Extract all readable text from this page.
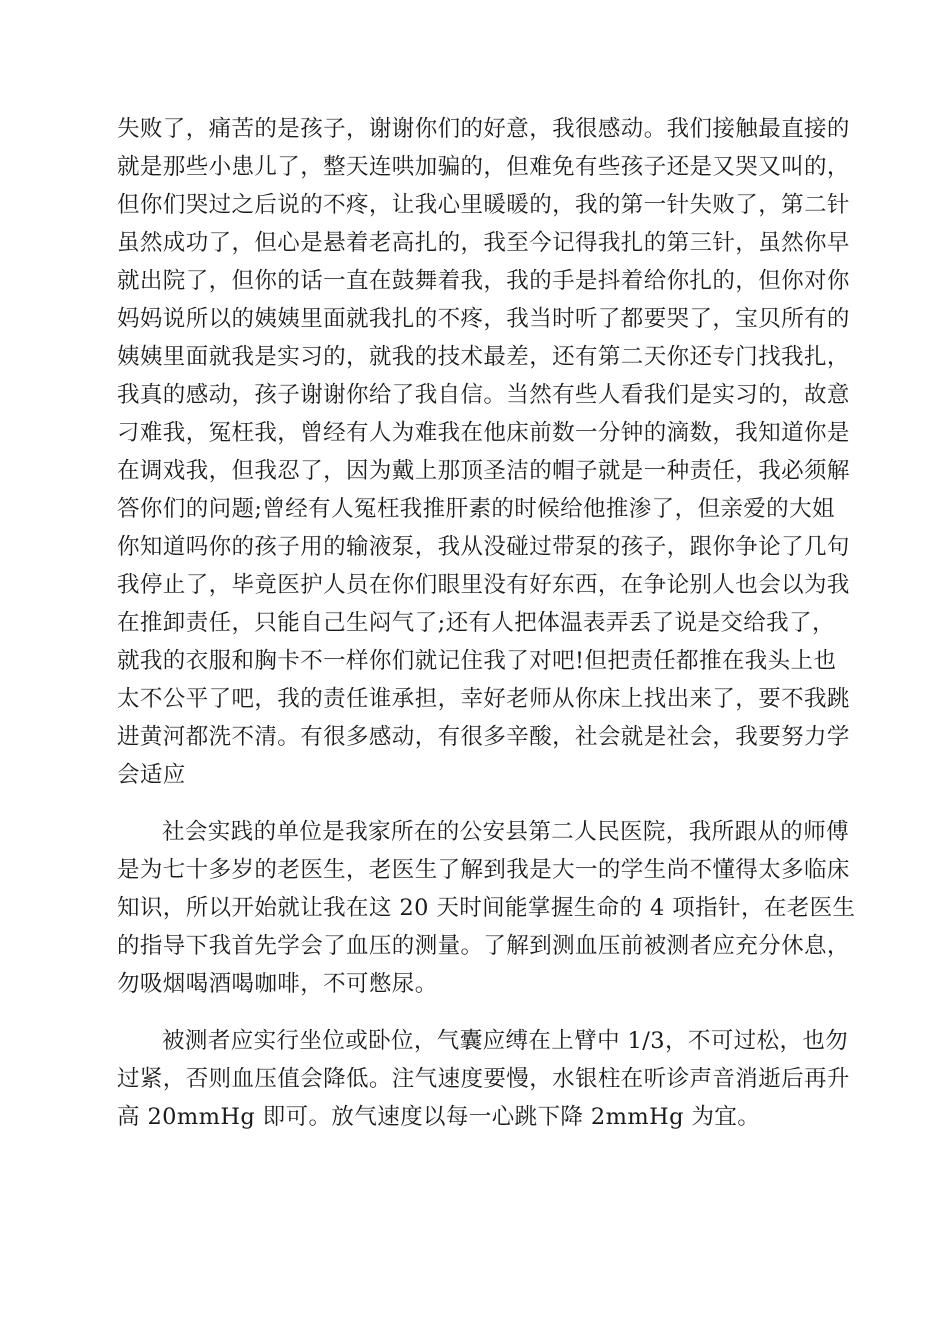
失败了，痛苦的是孩子，谢谢你们的好意，我很感动。我们接触最直接的
就是那些小患儿了，整天连哄加骗的，但难免有些孩子还是又哭又叫的，
但你们哭过之后说的不疼，让我心里暖暖的，我的第一针失败了，第二针
虽然成功了，但心是悬着老高扎的，我至今记得我扎的第三针，虽然你早
就出院了，但你的话一直在鼓舞着我，我的手是抖着给你扎的，但你对你
妈妈说所以的姨姨里面就我扎的不疼，我当时听了都要哭了，宝贝所有的
姨姨里面就我是实习的，就我的技术最差，还有第二天你还专门找我扎，
我真的感动，孩子谢谢你给了我自信。当然有些人看我们是实习的，故意
刁难我，冤枉我，曾经有人为难我在他床前数一分钟的滴数，我知道你是
在调戏我，但我忍了，因为戴上那顶圣洁的帽子就是一种责任，我必须解
答你们的问题;曾经有人冤枉我推肝素的时候给他推渗了，但亲爱的大姐
你知道吗你的孩子用的输液泵，我从没碰过带泵的孩子，跟你争论了几句
我停止了，毕竟医护人员在你们眼里没有好东西，在争论别人也会以为我
在推卸责任，只能自己生闷气了;还有人把体温表弄丢了说是交给我了，
就我的衣服和胸卡不一样你们就记住我了对吧!但把责任都推在我头上也
太不公平了吧，我的责任谁承担，幸好老师从你床上找出来了，要不我跳
进黄河都洗不清。有很多感动，有很多辛酸，社会就是社会，我要努力学
会适应
社会实践的单位是我家所在的公安县第二人民医院，我所跟从的师傅
是为七十多岁的老医生，老医生了解到我是大一的学生尚不懂得太多临床
知识，所以开始就让我在这 20 天时间能掌握生命的 4 项指针，在老医生
的指导下我首先学会了血压的测量。了解到测血压前被测者应充分休息，
勿吸烟喝酒喝咖啡，不可憋尿。
被测者应实行坐位或卧位，气囊应缚在上臂中 1/3，不可过松，也勿
过紧，否则血压值会降低。注气速度要慢，水银柱在听诊声音消逝后再升
高 20mmHg 即可。放气速度以每一心跳下降 2mmHg 为宜。
